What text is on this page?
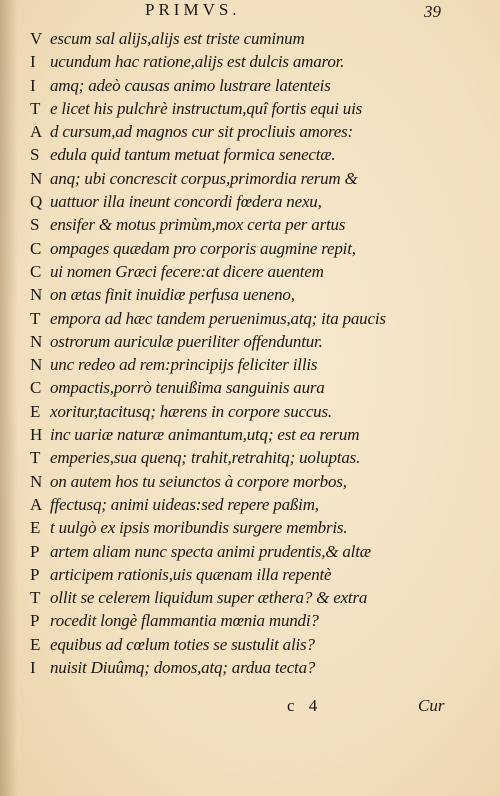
PRIMVS.	39
V escum sal alijs,alijs est triste cuminum
I ucundum hac ratione,alijs est dulcis amaror.
I amq; adeò causas animo lustrare latenteis
T e licet his pulchrè instructum,quî fortis equi uis
A d cursum,ad magnos cur sit procliuis amores:
S edula quid tantum metuat formica senectæ.
N anq; ubi concrescit corpus,primordia rerum &
Q uattuor illa ineunt concordi fœdera nexu,
S ensifer & motus primùm,mox certa per artus
C ompages quædam pro corporis augmine repit,
C ui nomen Græci fecere:at dicere auentem
N on ætas finit inuidiæ perfusa ueneno,
T empora ad hæc tandem peruenimus,atq; ita paucis
N ostrorum auriculæ pueriliter offenduntur.
N unc redeo ad rem:principijs feliciter illis
C ompactis,porrò tenuißima sanguinis aura
E xoritur,tacitusq; hærens in corpore succus.
H inc uariæ naturæ animantum,utq; est ea rerum
T emperies,sua quenq; trahit,retrahitq; uoluptas.
N on autem hos tu seiunctos à corpore morbos,
A ffectusq; animi uideas:sed repere paßim,
E t uulgò ex ipsis moribundis surgere membris.
P artem aliam nunc specta animi prudentis,& altæ
P articipem rationis,uis quænam illa repentè
T ollit se celerem liquidum super æthera? & extra
P rocedit longè flammantia mœnia mundi?
E equibus ad cœlum toties se sustulit alis?
I nuisit Diuûmq; domos,atq; ardua tecta?
c 4	Cur
